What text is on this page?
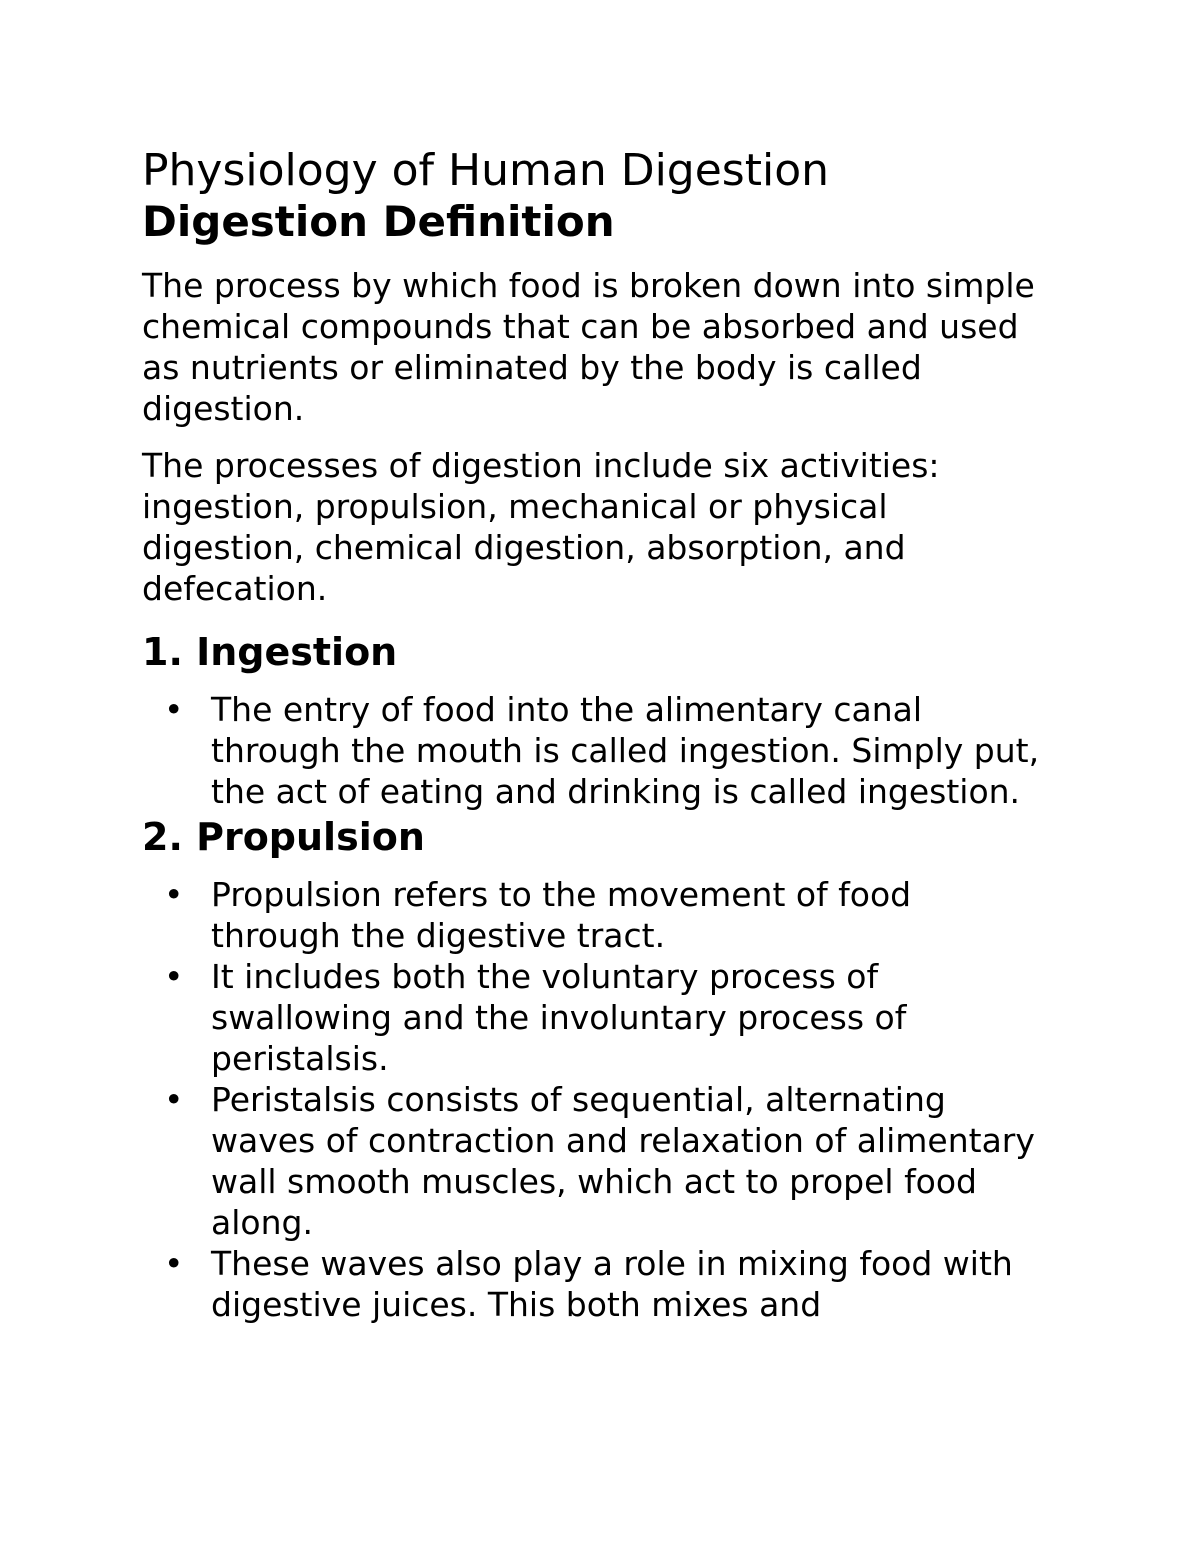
Physiology of Human Digestion
Digestion Definition

The process by which food is broken down into simple chemical compounds that can be absorbed and used as nutrients or eliminated by the body is called digestion.

The processes of digestion include six activities: ingestion, propulsion, mechanical or physical digestion, chemical digestion, absorption, and defecation.

1. Ingestion
• The entry of food into the alimentary canal through the mouth is called ingestion. Simply put, the act of eating and drinking is called ingestion.
2. Propulsion
• Propulsion refers to the movement of food through the digestive tract.
• It includes both the voluntary process of swallowing and the involuntary process of peristalsis.
• Peristalsis consists of sequential, alternating waves of contraction and relaxation of alimentary wall smooth muscles, which act to propel food along.
• These waves also play a role in mixing food with digestive juices. This both mixes and
